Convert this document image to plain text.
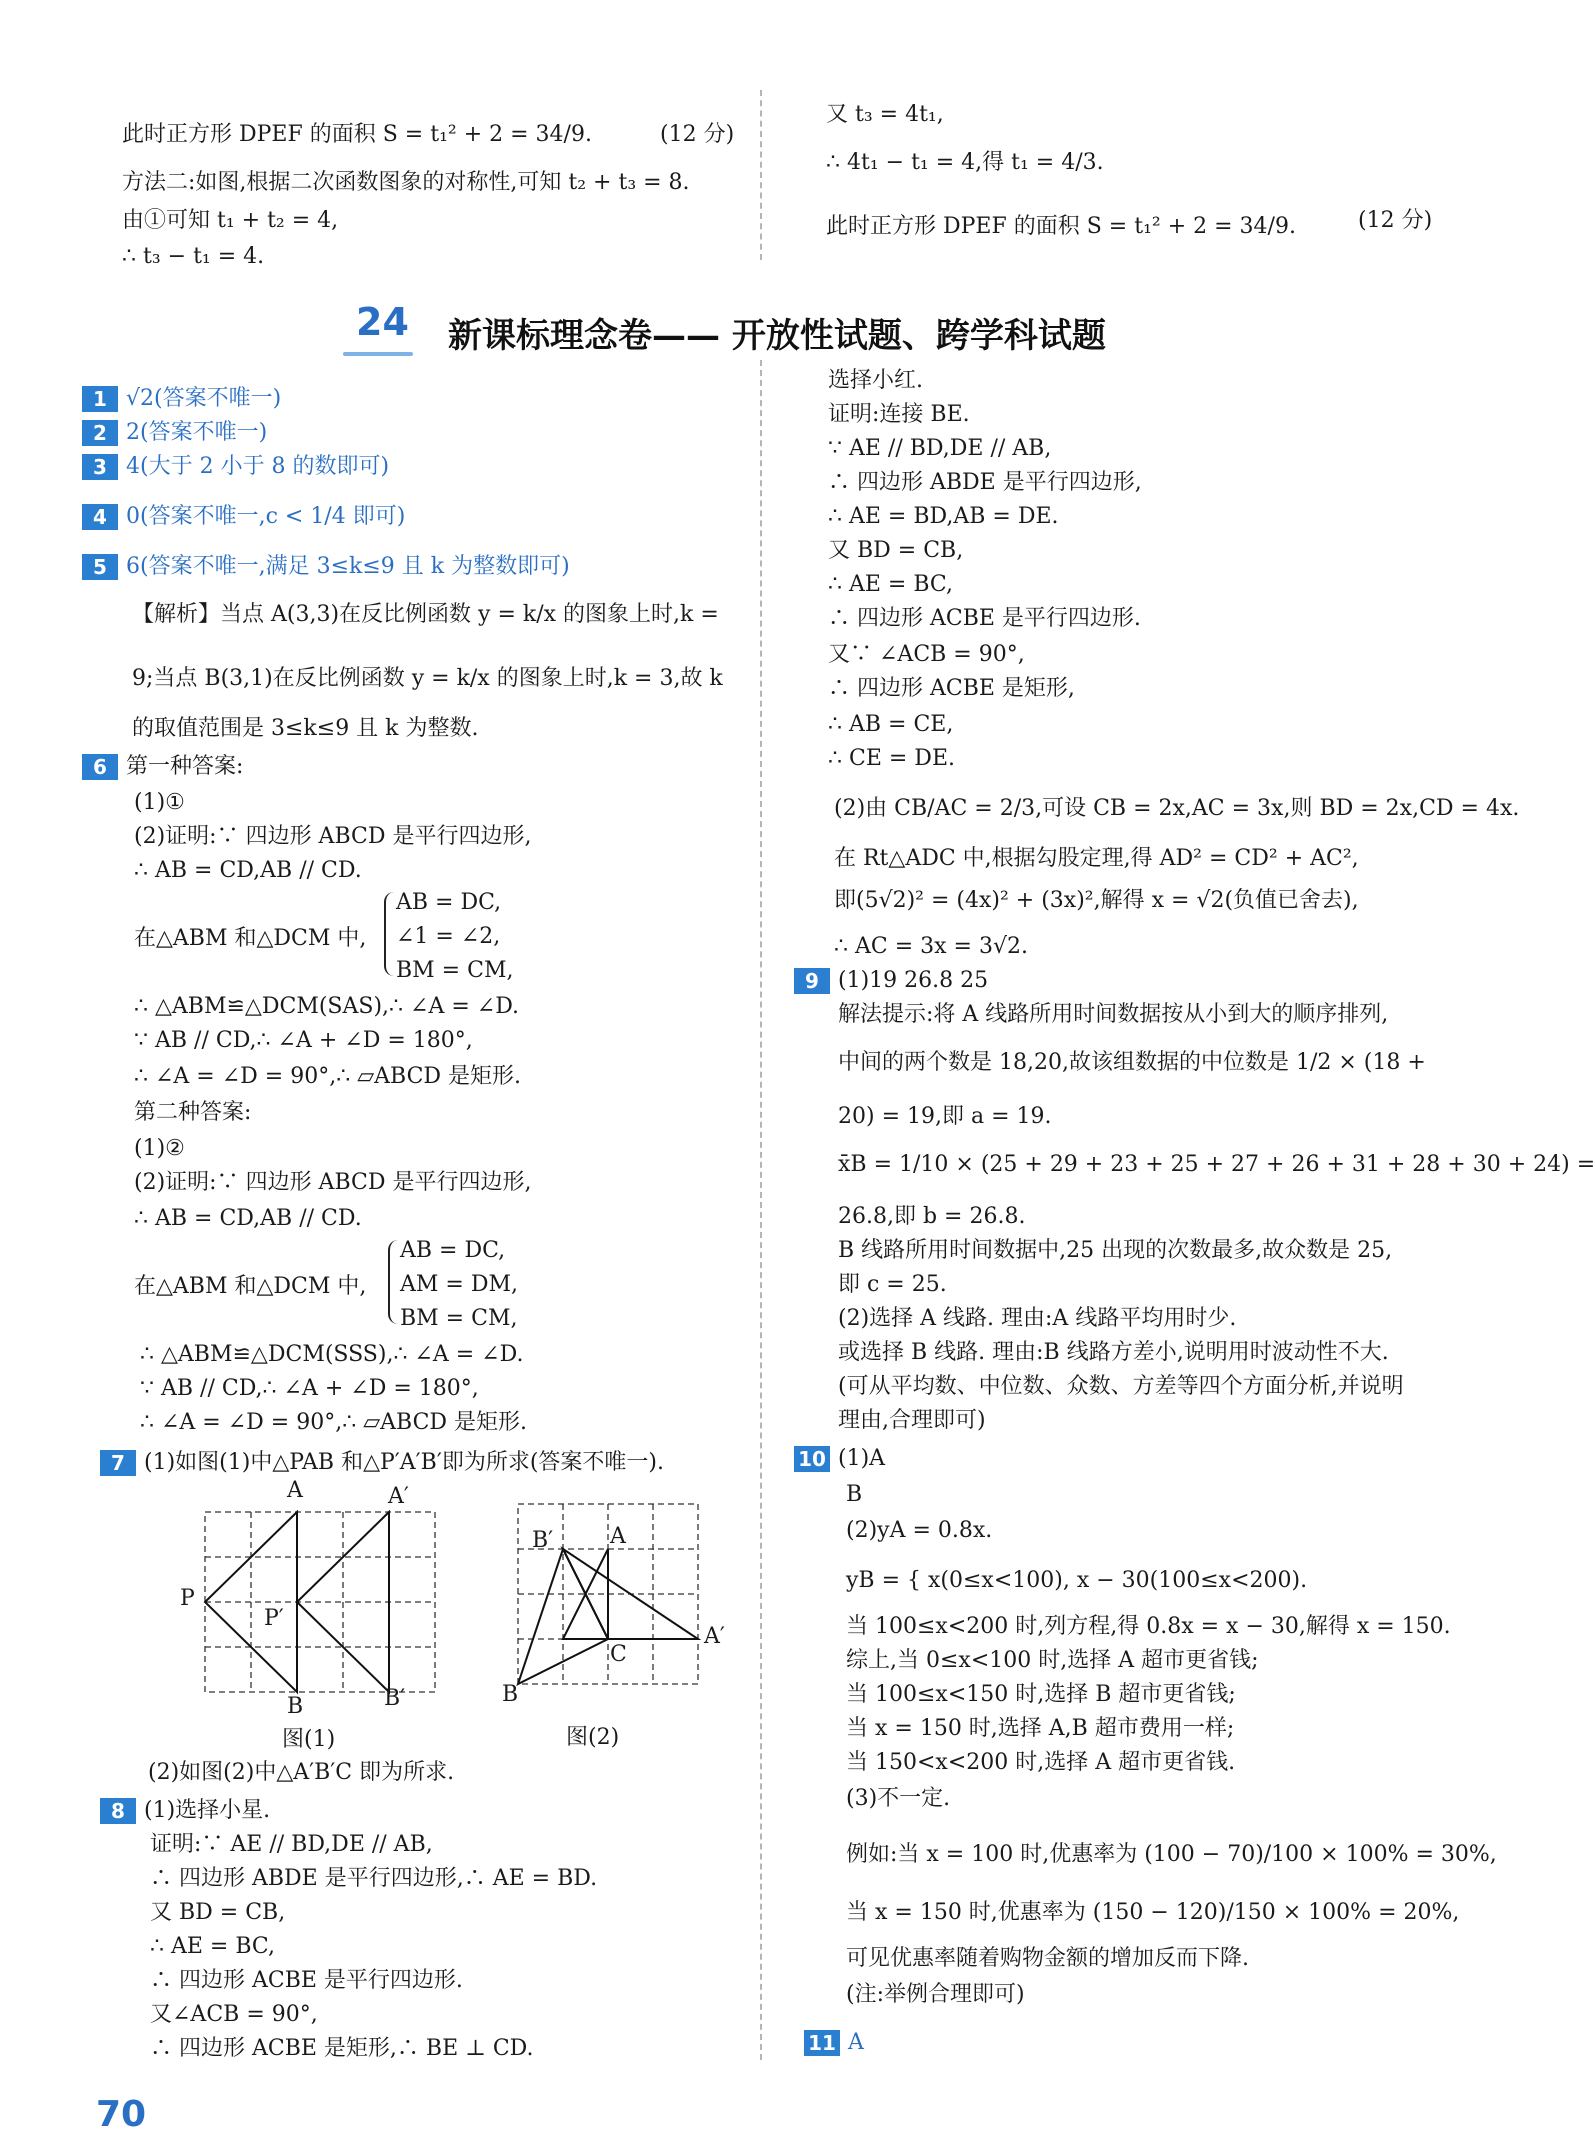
此时正方形 DPEF 的面积 S = t₁² + 2 = 34/9.	(12 分)
方法二:如图,根据二次函数图象的对称性,可知 t₂ + t₃ = 8.
由①可知 t₁ + t₂ = 4,
∴ t₃ − t₁ = 4.
又 t₃ = 4t₁,
∴ 4t₁ − t₁ = 4,得 t₁ = 4/3.
此时正方形 DPEF 的面积 S = t₁² + 2 = 34/9.	(12 分)
24 新课标理念卷—— 开放性试题、跨学科试题
1 √2(答案不唯一)
2 2(答案不唯一)
3 4(大于 2 小于 8 的数即可)
4 0(答案不唯一,c < 1/4 即可)
5 6(答案不唯一,满足 3≤k≤9 且 k 为整数即可)
【解析】当点 A(3,3)在反比例函数 y = k/x 的图象上时,k =
9;当点 B(3,1)在反比例函数 y = k/x 的图象上时,k = 3,故 k
的取值范围是 3≤k≤9 且 k 为整数.
6 第一种答案:
(1)①
(2)证明:∵ 四边形 ABCD 是平行四边形,
∴ AB = CD,AB // CD.
AB = DC,
在△ABM 和△DCM 中, ∠1 = ∠2,
BM = CM,
∴ △ABM≌△DCM(SAS),∴ ∠A = ∠D.
∵ AB // CD,∴ ∠A + ∠D = 180°,
∴ ∠A = ∠D = 90°,∴ ▱ABCD 是矩形.
第二种答案:
(1)②
(2)证明:∵ 四边形 ABCD 是平行四边形,
∴ AB = CD,AB // CD.
AB = DC,
在△ABM 和△DCM 中, AM = DM,
BM = CM,
∴ △ABM≌△DCM(SSS),∴ ∠A = ∠D.
∵ AB // CD,∴ ∠A + ∠D = 180°,
∴ ∠A = ∠D = 90°,∴ ▱ABCD 是矩形.
7 (1)如图(1)中△PAB 和△P′A′B′即为所求(答案不唯一).
A	A′
P
P′
B	B′
图(1)
B′	A
A′
C
B
图(2)
(2)如图(2)中△A′B′C 即为所求.
8 (1)选择小星.
证明:∵ AE // BD,DE // AB,
∴ 四边形 ABDE 是平行四边形,∴ AE = BD.
又 BD = CB,
∴ AE = BC,
∴ 四边形 ACBE 是平行四边形.
又∠ACB = 90°,
∴ 四边形 ACBE 是矩形,∴ BE ⊥ CD.
选择小红.
证明:连接 BE.
∵ AE // BD,DE // AB,
∴ 四边形 ABDE 是平行四边形,
∴ AE = BD,AB = DE.
又 BD = CB,
∴ AE = BC,
∴ 四边形 ACBE 是平行四边形.
又∵ ∠ACB = 90°,
∴ 四边形 ACBE 是矩形,
∴ AB = CE,
∴ CE = DE.
(2)由 CB/AC = 2/3,可设 CB = 2x,AC = 3x,则 BD = 2x,CD = 4x.
在 Rt△ADC 中,根据勾股定理,得 AD² = CD² + AC²,
即(5√2)² = (4x)² + (3x)²,解得 x = √2(负值已舍去),
∴ AC = 3x = 3√2.
9 (1)19 26.8 25
解法提示:将 A 线路所用时间数据按从小到大的顺序排列,
中间的两个数是 18,20,故该组数据的中位数是 1/2 × (18 +
20) = 19,即 a = 19.
x̄B = 1/10 × (25 + 29 + 23 + 25 + 27 + 26 + 31 + 28 + 30 + 24) =
26.8,即 b = 26.8.
B 线路所用时间数据中,25 出现的次数最多,故众数是 25,
即 c = 25.
(2)选择 A 线路. 理由:A 线路平均用时少.
或选择 B 线路. 理由:B 线路方差小,说明用时波动性不大.
(可从平均数、中位数、众数、方差等四个方面分析,并说明
理由,合理即可)
10 (1)A
B
(2)yA = 0.8x.
yB = { x(0≤x<100), x − 30(100≤x<200).
当 100≤x<200 时,列方程,得 0.8x = x − 30,解得 x = 150.
综上,当 0≤x<100 时,选择 A 超市更省钱;
当 100≤x<150 时,选择 B 超市更省钱;
当 x = 150 时,选择 A,B 超市费用一样;
当 150<x<200 时,选择 A 超市更省钱.
(3)不一定.
例如:当 x = 100 时,优惠率为 (100 − 70)/100 × 100% = 30%,
当 x = 150 时,优惠率为 (150 − 120)/150 × 100% = 20%,
可见优惠率随着购物金额的增加反而下降.
(注:举例合理即可)
11 A
70
